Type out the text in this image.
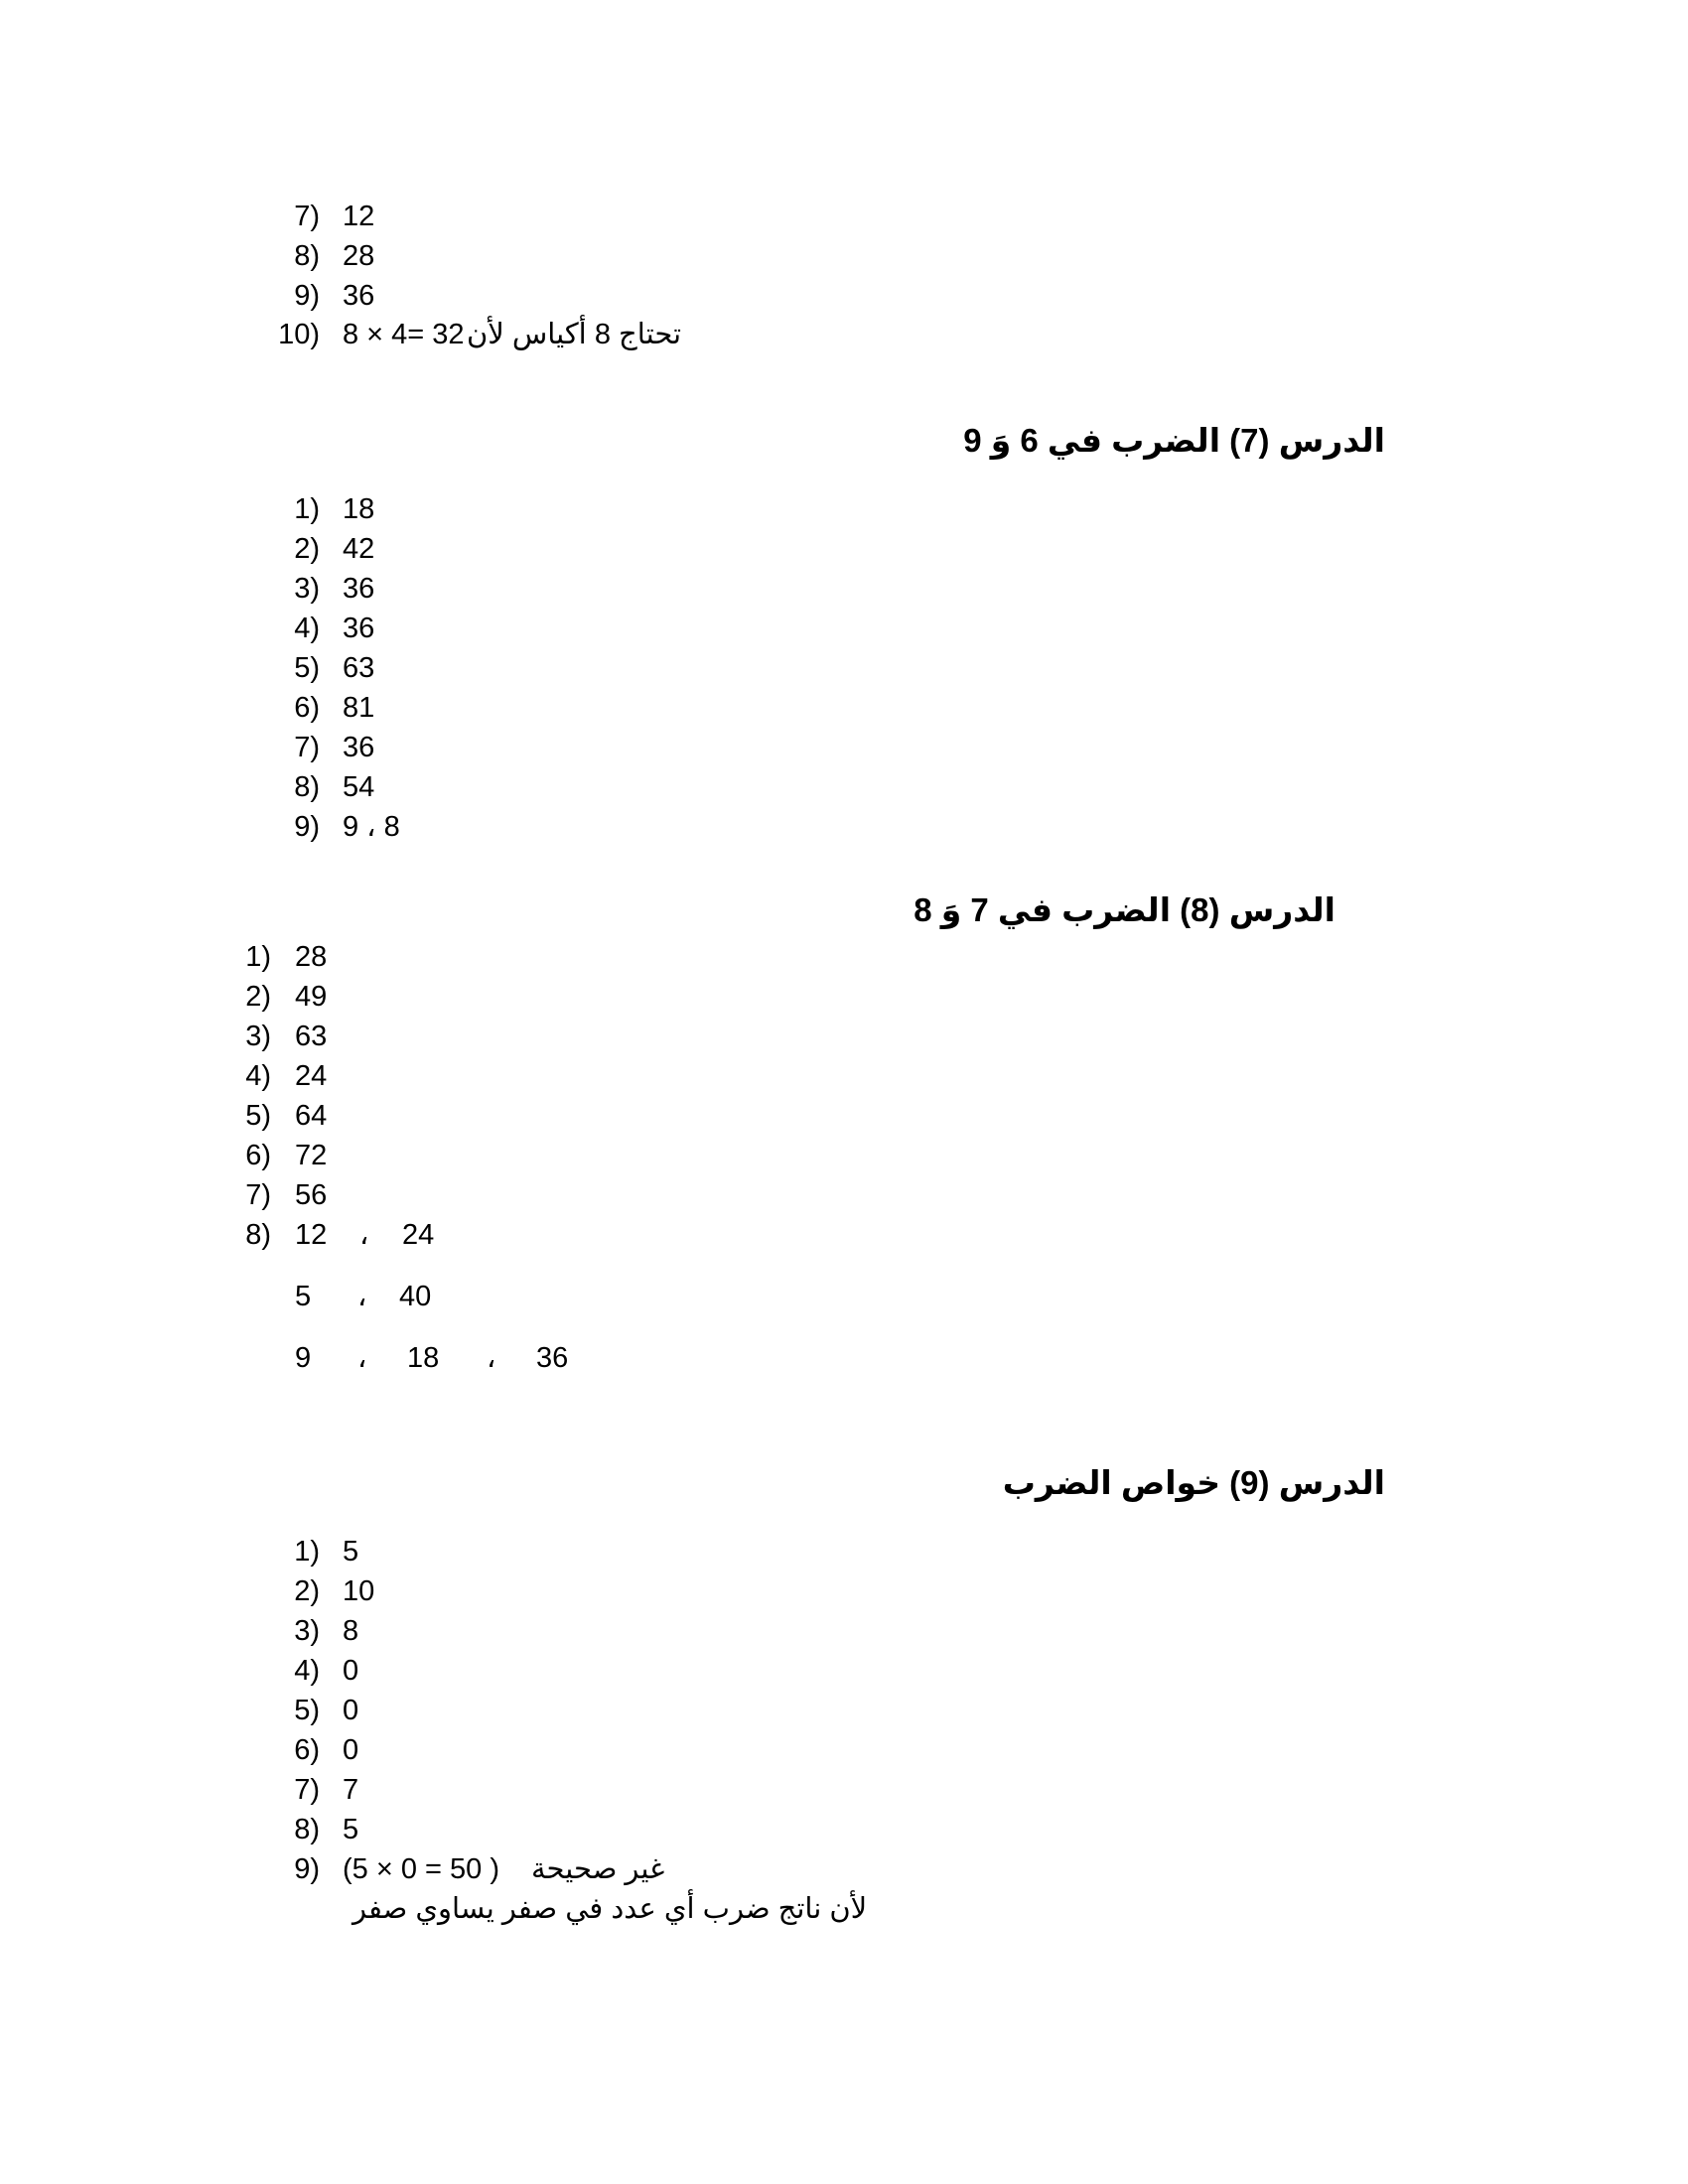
7) 12
8) 28
9) 36
10) 8 × 4= 32 تحتاج 8 أكياس لأن
الدرس (7) الضرب في 6 وَ 9
1) 18
2) 42
3) 36
4) 36
5) 63
6) 81
7) 36
8) 54
9) 9 ، 8
الدرس (8) الضرب في 7 وَ 8
1) 28
2) 49
3) 63
4) 24
5) 64
6) 72
7) 56
8) 12 ، 24
5 ، 40
9 ، 18 ، 36
الدرس (9) خواص الضرب
1) 5
2) 10
3) 8
4) 0
5) 0
6) 0
7) 7
8) 5
9) (5 × 0 = 50 ) غير صحيحة
لأن ناتج ضرب أي عدد في صفر يساوي صفر
